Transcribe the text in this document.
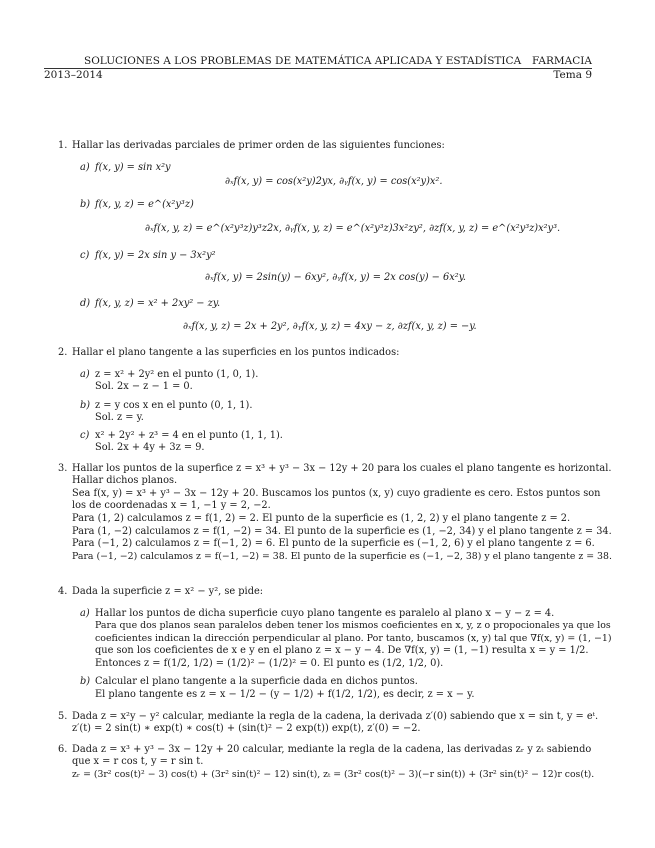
SOLUCIONES A LOS PROBLEMAS DE MATEMÁTICA APLICADA Y ESTADÍSTICA FARMACIA
2013–2014	Tema 9
1. Hallar las derivadas parciales de primer orden de las siguientes funciones:
a) f(x, y) = sin x²y
∂ₓf(x, y) = cos(x²y)2yx, ∂ᵧf(x, y) = cos(x²y)x².
b) f(x, y, z) = e^(x²y³z)
∂ₓf(x, y, z) = e^(x²y³z)y³z2x, ∂ᵧf(x, y, z) = e^(x²y³z)3x²zy², ∂zf(x, y, z) = e^(x²y³z)x²y³.
c) f(x, y) = 2x sin y − 3x²y²
∂ₓf(x, y) = 2sin(y) − 6xy², ∂ᵧf(x, y) = 2x cos(y) − 6x²y.
d) f(x, y, z) = x² + 2xy² − zy.
∂ₓf(x, y, z) = 2x + 2y², ∂ᵧf(x, y, z) = 4xy − z, ∂zf(x, y, z) = −y.
2. Hallar el plano tangente a las superficies en los puntos indicados:
a) z = x² + 2y² en el punto (1, 0, 1).
Sol. 2x − z − 1 = 0.
b) z = y cos x en el punto (0, 1, 1).
Sol. z = y.
c) x² + 2y² + z³ = 4 en el punto (1, 1, 1).
Sol. 2x + 4y + 3z = 9.
3. Hallar los puntos de la superfice z = x³ + y³ − 3x − 12y + 20 para los cuales el plano tangente es horizontal.
Hallar dichos planos.
Sea f(x, y) = x³ + y³ − 3x − 12y + 20. Buscamos los puntos (x, y) cuyo gradiente es cero. Estos puntos son
los de coordenadas x = 1, −1 y = 2, −2.
Para (1, 2) calculamos z = f(1, 2) = 2. El punto de la superficie es (1, 2, 2) y el plano tangente z = 2.
Para (1, −2) calculamos z = f(1, −2) = 34. El punto de la superficie es (1, −2, 34) y el plano tangente z = 34.
Para (−1, 2) calculamos z = f(−1, 2) = 6. El punto de la superficie es (−1, 2, 6) y el plano tangente z = 6.
Para (−1, −2) calculamos z = f(−1, −2) = 38. El punto de la superficie es (−1, −2, 38) y el plano tangente z = 38.
4. Dada la superficie z = x² − y², se pide:
a) Hallar los puntos de dicha superficie cuyo plano tangente es paralelo al plano x − y − z = 4.
Para que dos planos sean paralelos deben tener los mismos coeficientes en x, y, z o propocionales ya que los
coeficientes indican la dirección perpendicular al plano. Por tanto, buscamos (x, y) tal que ∇f(x, y) = (1, −1)
que son los coeficientes de x e y en el plano z = x − y − 4. De ∇f(x, y) = (1, −1) resulta x = y = 1/2.
Entonces z = f(1/2, 1/2) = (1/2)² − (1/2)² = 0. El punto es (1/2, 1/2, 0).
b) Calcular el plano tangente a la superficie dada en dichos puntos.
El plano tangente es z = x − 1/2 − (y − 1/2) + f(1/2, 1/2), es decir, z = x − y.
5. Dada z = x²y − y² calcular, mediante la regla de la cadena, la derivada z′(0) sabiendo que x = sin t, y = eᵗ.
z′(t) = 2 sin(t) ∗ exp(t) ∗ cos(t) + (sin(t)² − 2 exp(t)) exp(t), z′(0) = −2.
6. Dada z = x³ + y³ − 3x − 12y + 20 calcular, mediante la regla de la cadena, las derivadas zᵣ y zₜ sabiendo
que x = r cos t, y = r sin t.
zᵣ = (3r² cos(t)² − 3) cos(t) + (3r² sin(t)² − 12) sin(t), zₜ = (3r² cos(t)² − 3)(−r sin(t)) + (3r² sin(t)² − 12)r cos(t).
